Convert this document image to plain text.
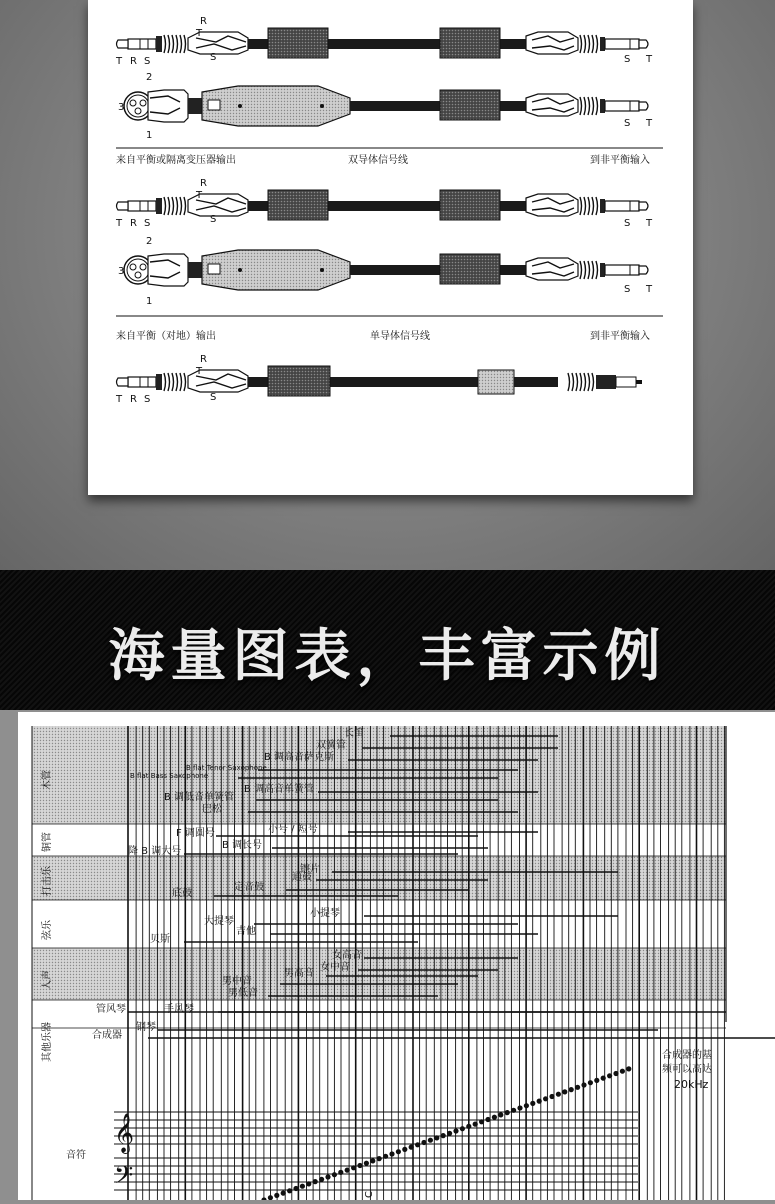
R
T
S
T R S	S T
2
3
1
S T
R
T
S
T R S	S T
2
3
1
S T
R
T
S
T R S
来自平衡或隔离变压器输出	双导体信号线	到非平衡输入
来自平衡（对地）输出	单导体信号线	到非平衡输入
海量图表，丰富示例
木管
铜管
打击乐
弦乐
人声
其他乐器
长笛
双簧管
B 调高音萨克斯
B flat Tenor Saxophone
B flat Bass Saxophone
B 调高音单簧管
B 调低音单簧管
巴松
小号 / 短号
F 调圆号
B 调长号
降 B 调大号
镲片
通鼓
定音鼓
底鼓
小提琴
大提琴
吉他
贝斯
女高音
女中音
男高音
男中音
男低音
管风琴	手风琴
钢琴
合成器
合成器的基
频可以高达
20kHz
音符
𝄞
𝄢	C
